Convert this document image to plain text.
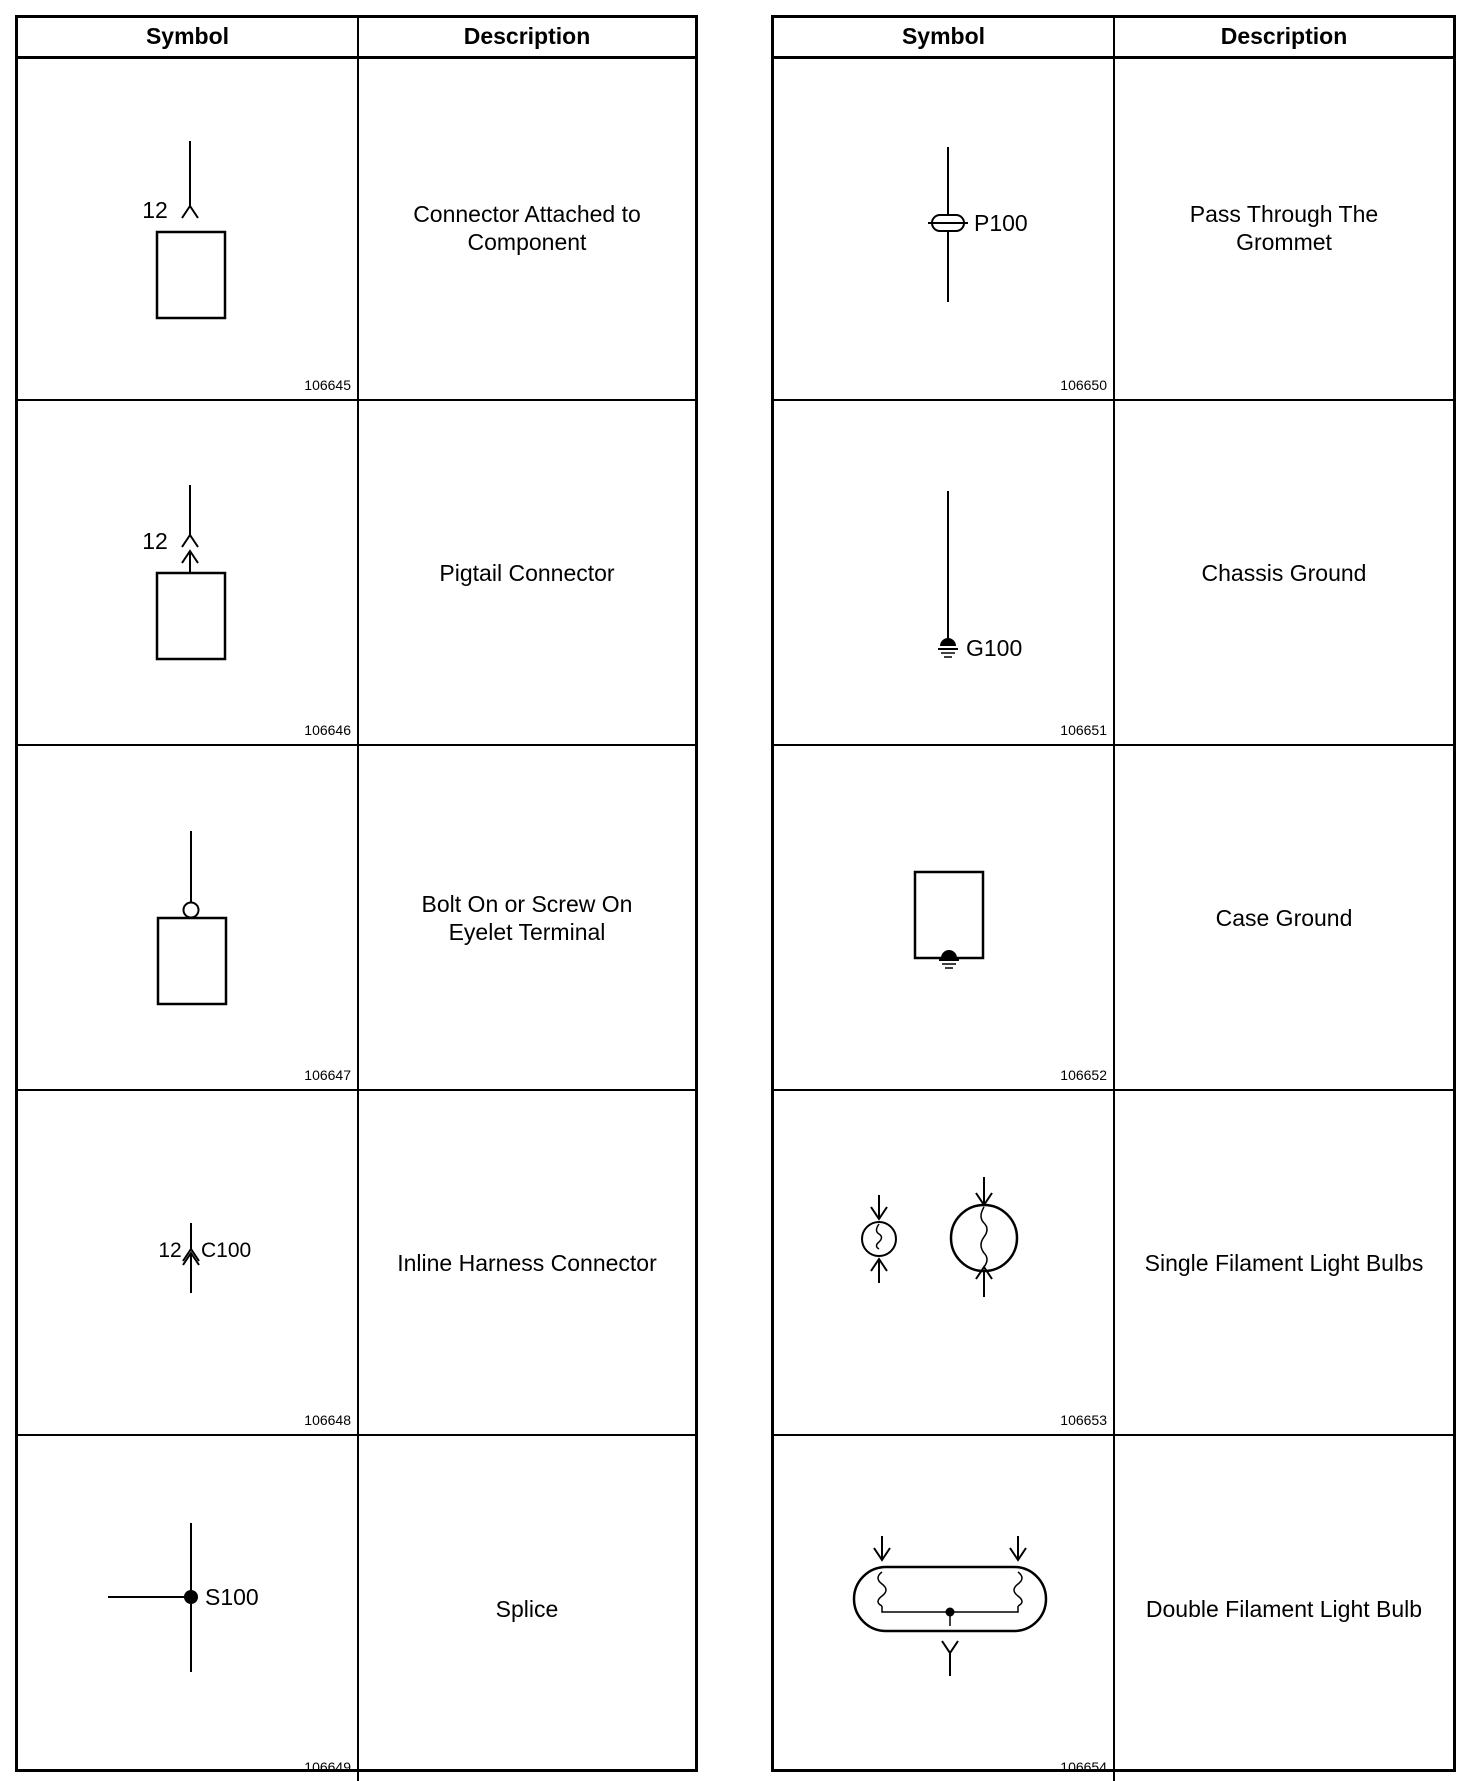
Symbol	Description
12
106645
Connector Attached to
Component
12
106646
Pigtail Connector
106647
Bolt On or Screw On
Eyelet Terminal
12 C100
106648
Inline Harness Connector
S100
106649
Splice
Symbol	Description
P100
106650
Pass Through The
Grommet
G100
106651
Chassis Ground
106652
Case Ground
106653
Single Filament Light Bulbs
106654
Double Filament Light Bulb
